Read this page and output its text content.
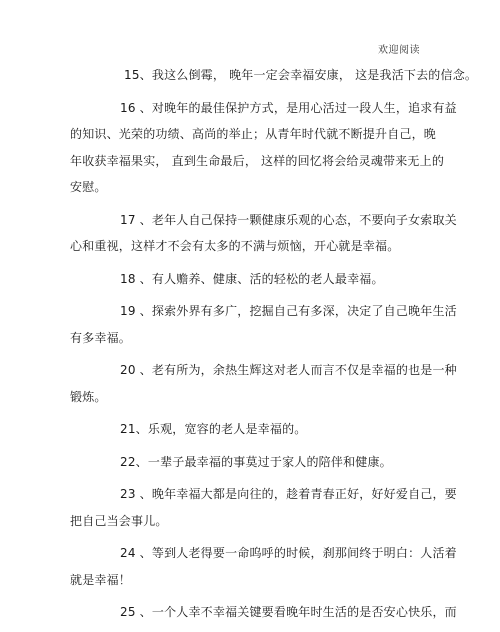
欢迎阅读
15、我这么倒霉， 晚年一定会幸福安康， 这是我活下去的信念。
16 、对晚年的最佳保护方式，是用心活过一段人生，追求有益
的知识、光荣的功绩、高尚的举止；从青年时代就不断提升自己，晚
年收获幸福果实， 直到生命最后， 这样的回忆将会给灵魂带来无上的
安慰。
17 、老年人自己保持一颗健康乐观的心态，不要向子女索取关
心和重视，这样才不会有太多的不满与烦恼，开心就是幸福。
18 、有人赡养、健康、活的轻松的老人最幸福。
19 、探索外界有多广，挖掘自己有多深，决定了自己晚年生活
有多幸福。
20 、老有所为，余热生辉这对老人而言不仅是幸福的也是一种
锻炼。
21、乐观，宽容的老人是幸福的。
22、一辈子最幸福的事莫过于家人的陪伴和健康。
23 、晚年幸福大都是向往的，趁着青春正好，好好爱自己，要
把自己当会事儿。
24 、等到人老得要一命呜呼的时候，刹那间终于明白：人活着
就是幸福！
25 、一个人幸不幸福关键要看晚年时生活的是否安心快乐，而
